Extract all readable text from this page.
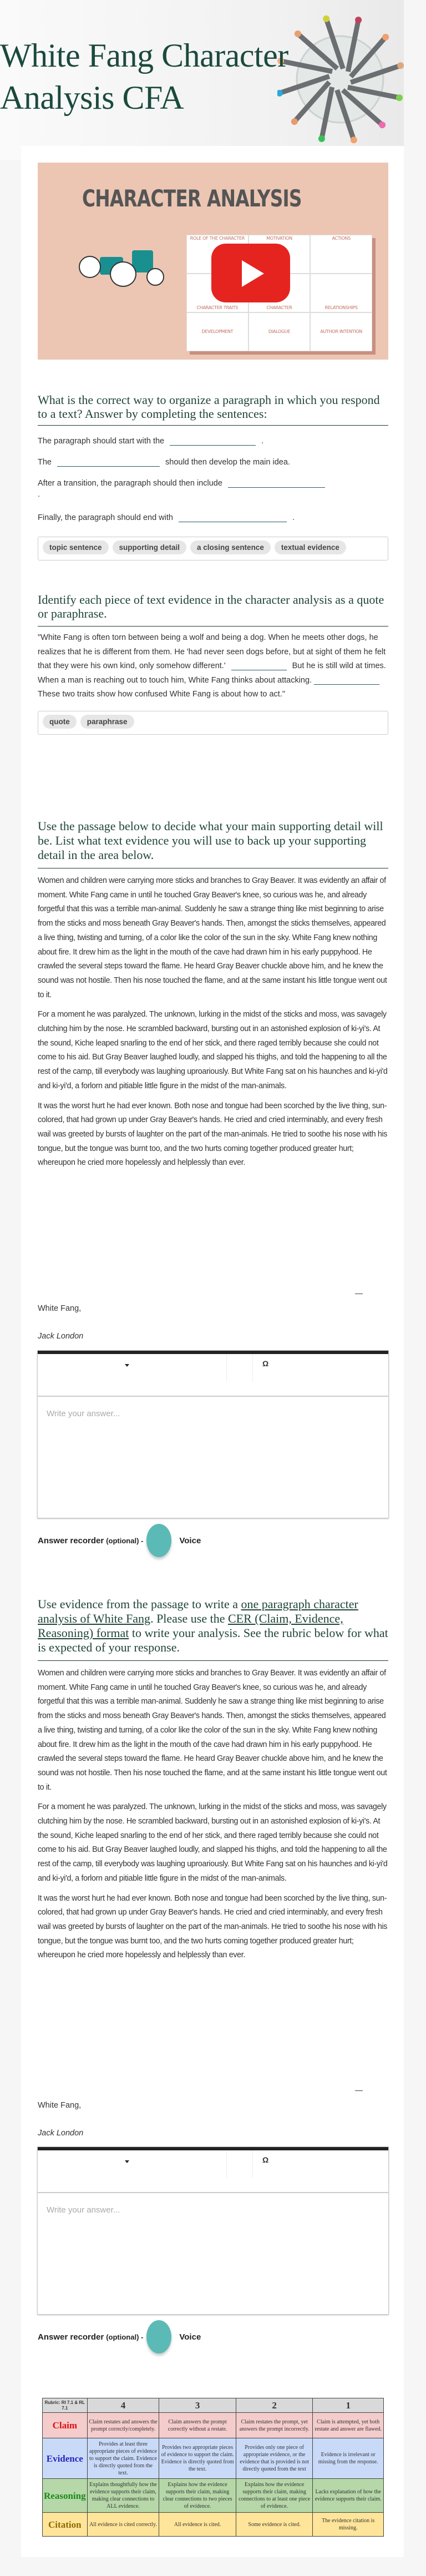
White Fang Character
Analysis CFA
CHARACTER ANALYSIS
ROLE OF THE CHARACTER	MOTIVATION	ACTIONS
CHARACTER TRAITS	CHARACTER	RELATIONSHIPS
DEVELOPMENT	DIALOGUE	AUTHOR INTENTION
What is the correct way to organize a paragraph in which you respond to a text? Answer by completing the sentences:
The paragraph should start with the	.
The	should then develop the main idea.
After a transition, the paragraph should then include
.
Finally, the paragraph should end with	.
topic sentence supporting detail a closing sentence textual evidence
Identify each piece of text evidence in the character analysis as a quote or paraphrase.
"White Fang is often torn between being a wolf and being a dog. When he meets other dogs, he realizes that he is different from them. He 'had never seen dogs before, but at sight of them he felt that they were his own kind, only somehow different.'	But he is still wild at times. When a man is reaching out to touch him, White Fang thinks about attacking.These two traits show how confused White Fang is about how to act."
quote paraphrase
Use the passage below to decide what your main supporting detail will be. List what text evidence you will use to back up your supporting detail in the area below.

Women and children were carrying more sticks and branches to Gray Beaver. It was evidently an affair of moment. White Fang came in until he touched Gray Beaver's knee, so curious was he, and already forgetful that this was a terrible man-animal. Suddenly he saw a strange thing like mist beginning to arise from the sticks and moss beneath Gray Beaver's hands. Then, amongst the sticks themselves, appeared a live thing, twisting and turning, of a color like the color of the sun in the sky. White Fang knew nothing about fire. It drew him as the light in the mouth of the cave had drawn him in his early puppyhood. He crawled the several steps toward the flame. He heard Gray Beaver chuckle above him, and he knew the sound was not hostile. Then his nose touched the flame, and at the same instant his little tongue went out to it.

For a moment he was paralyzed. The unknown, lurking in the midst of the sticks and moss, was savagely clutching him by the nose. He scrambled backward, bursting out in an astonished explosion of ki-yi's. At the sound, Kiche leaped snarling to the end of her stick, and there raged terribly because she could not come to his aid. But Gray Beaver laughed loudly, and slapped his thighs, and told the happening to all the rest of the camp, till everybody was laughing uproariously. But White Fang sat on his haunches and ki-yi'd and ki-yi'd, a forlorn and pitiable little figure in the midst of the man-animals.

It was the worst hurt he had ever known. Both nose and tongue had been scorched by the live thing, sun-colored, that had grown up under Gray Beaver's hands. He cried and cried interminably, and every fresh wail was greeted by bursts of laughter on the part of the man-animals. He tried to soothe his nose with his tongue, but the tongue was burnt too, and the two hurts coming together produced greater hurt; whereupon he cried more hopelessly and helplessly than ever.

—
White Fang,
Jack London
Ω
Write your answer...
Answer recorder (optional) -	Voice
Use evidence from the passage to write a one paragraph character analysis of White Fang. Please use the CER (Claim, Evidence, Reasoning) format to write your analysis. See the rubric below for what is expected of your response.

Women and children were carrying more sticks and branches to Gray Beaver. It was evidently an affair of moment. White Fang came in until he touched Gray Beaver's knee, so curious was he, and already forgetful that this was a terrible man-animal. Suddenly he saw a strange thing like mist beginning to arise from the sticks and moss beneath Gray Beaver's hands. Then, amongst the sticks themselves, appeared a live thing, twisting and turning, of a color like the color of the sun in the sky. White Fang knew nothing about fire. It drew him as the light in the mouth of the cave had drawn him in his early puppyhood. He crawled the several steps toward the flame. He heard Gray Beaver chuckle above him, and he knew the sound was not hostile. Then his nose touched the flame, and at the same instant his little tongue went out to it.

For a moment he was paralyzed. The unknown, lurking in the midst of the sticks and moss, was savagely clutching him by the nose. He scrambled backward, bursting out in an astonished explosion of ki-yi's. At the sound, Kiche leaped snarling to the end of her stick, and there raged terribly because she could not come to his aid. But Gray Beaver laughed loudly, and slapped his thighs, and told the happening to all the rest of the camp, till everybody was laughing uproariously. But White Fang sat on his haunches and ki-yi'd and ki-yi'd, a forlorn and pitiable little figure in the midst of the man-animals.

It was the worst hurt he had ever known. Both nose and tongue had been scorched by the live thing, sun-colored, that had grown up under Gray Beaver's hands. He cried and cried interminably, and every fresh wail was greeted by bursts of laughter on the part of the man-animals. He tried to soothe his nose with his tongue, but the tongue was burnt too, and the two hurts coming together produced greater hurt; whereupon he cried more hopelessly and helplessly than ever.

—
White Fang,
Jack London
Ω
Write your answer...
Answer recorder (optional) -	Voice
Rubric: RI 7.1 & RL 7.1	4	3	2	1
Claim	Claim restates and answers the prompt correctly/completely.	Claim answers the prompt correctly without a restate.	Claim restates the prompt, yet answers the prompt incorrectly.	Claim is attempted, yet both restate and answer are flawed.
Evidence	Provides at least three appropriate pieces of evidence to support the claim. Evidence is directly quoted from the text.	Provides two appropriate pieces of evidence to support the claim. Evidence is directly quoted from the text.	Provides only one piece of appropriate evidence, or the evidence that is provided is not directly quoted from the text	Evidence is irrelevant or missing from the response.
Reasoning	Explains thoughtfully how the evidence supports their claim, making clear connections to ALL evidence.	Explains how the evidence supports their claim, making clear connections to two pieces of evidence.	Explains how the evidence supports their claim, making connections to at least one piece of evidence.	Lacks explanation of how the evidence supports their claim.
Citation	All evidence is cited correctly.	All evidence is cited.	Some evidence is cited.	The evidence citation is missing.
